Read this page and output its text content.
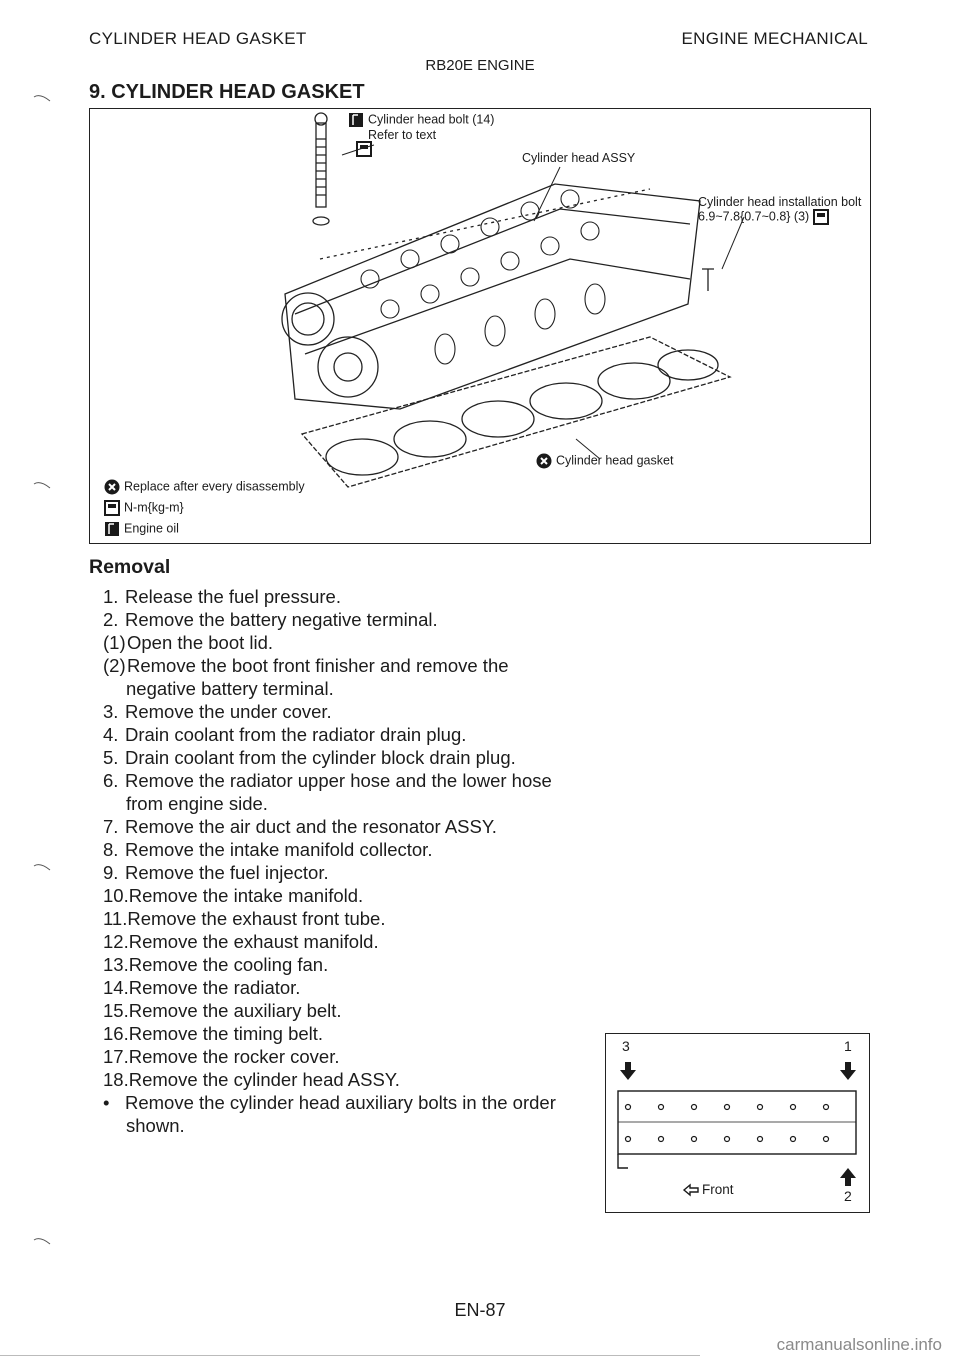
CYLINDER HEAD GASKET	ENGINE MECHANICAL
RB20E ENGINE
9. CYLINDER HEAD GASKET
Cylinder head bolt (14)
Refer to text
Cylinder head ASSY
Cylinder head installation bolt
6.9~7.8{0.7~0.8} (3)
Cylinder head gasket
Replace after every disassembly
N-m{kg-m}
Engine oil
Removal
1. Release the fuel pressure.
2. Remove the battery negative terminal.
(1)Open the boot lid.
(2)Remove the boot front finisher and remove the
negative battery terminal.
3. Remove the under cover.
4. Drain coolant from the radiator drain plug.
5. Drain coolant from the cylinder block drain plug.
6. Remove the radiator upper hose and the lower hose
from engine side.
7. Remove the air duct and the resonator ASSY.
8. Remove the intake manifold collector.
9. Remove the fuel injector.
10.Remove the intake manifold.
11.Remove the exhaust front tube.
12.Remove the exhaust manifold.
13.Remove the cooling fan.
14.Remove the radiator.
15.Remove the auxiliary belt.
16.Remove the timing belt.
17.Remove the rocker cover.
18.Remove the cylinder head ASSY.
• Remove the cylinder head auxiliary bolts in the order
shown.
3	1
2
Front
EN-87
carmanualsonline.info
